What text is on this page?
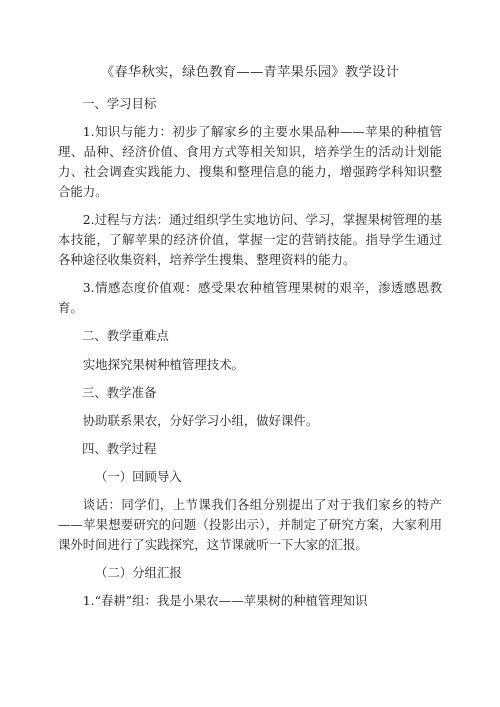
《春华秋实，绿色教育——青苹果乐园》教学设计
一、学习目标

1.知识与能力：初步了解家乡的主要水果品种——苹果的种植管理、品种、经济价值、食用方式等相关知识，培养学生的活动计划能力、社会调查实践能力、搜集和整理信息的能力，增强跨学科知识整合能力。

2.过程与方法：通过组织学生实地访问、学习，掌握果树管理的基本技能，了解苹果的经济价值，掌握一定的营销技能。指导学生通过各种途径收集资料，培养学生搜集、整理资料的能力。

3.情感态度价值观：感受果农种植管理果树的艰辛，渗透感恩教育。

二、教学重难点

实地探究果树种植管理技术。

三、教学准备

协助联系果农，分好学习小组，做好课件。

四、教学过程
（一）回顾导入

谈话：同学们，上节课我们各组分别提出了对于我们家乡的特产——苹果想要研究的问题（投影出示），并制定了研究方案，大家利用课外时间进行了实践探究，这节课就听一下大家的汇报。

（二）分组汇报

1.“春耕”组：我是小果农——苹果树的种植管理知识
